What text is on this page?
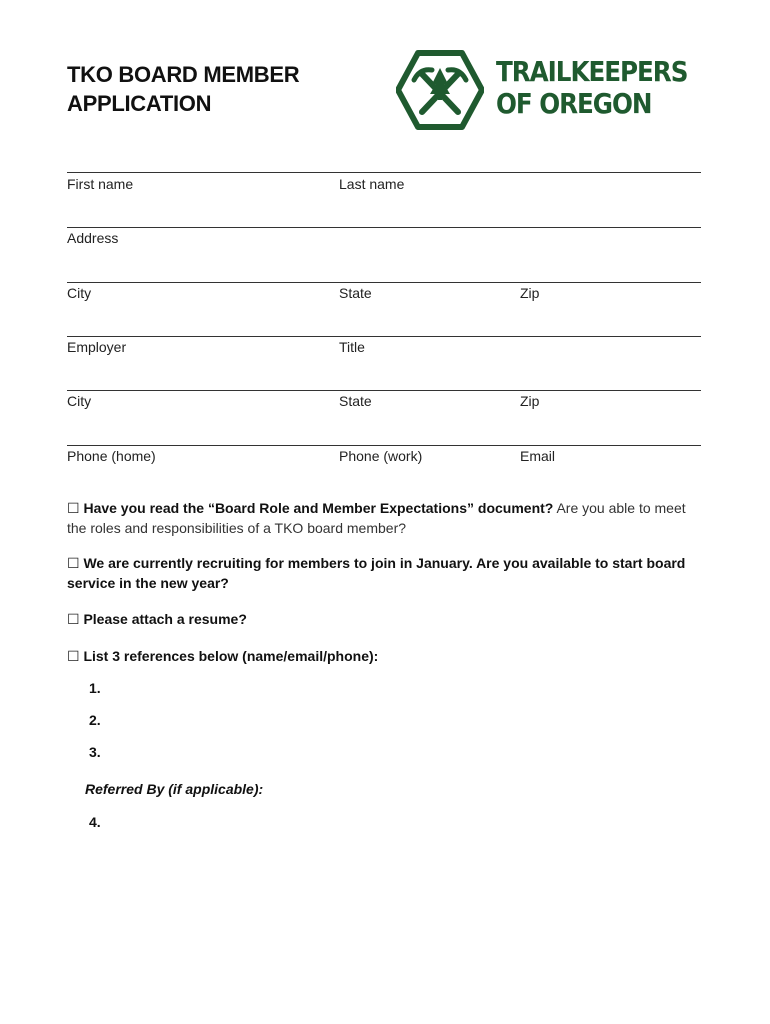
TKO BOARD MEMBER
APPLICATION
TRAILKEEPERS
OF OREGON
First name	Last name
Address
City	State	Zip
Employer	Title
City	State	Zip
Phone (home)	Phone (work)	Email

☐ Have you read the “Board Role and Member Expectations” document? Are you able to meet the roles and responsibilities of a TKO board member?

☐ We are currently recruiting for members to join in January. Are you available to start board service in the new year?

☐ Please attach a resume?

☐ List 3 references below (name/email/phone):

1.
2.
3.
Referred By (if applicable):
4.
